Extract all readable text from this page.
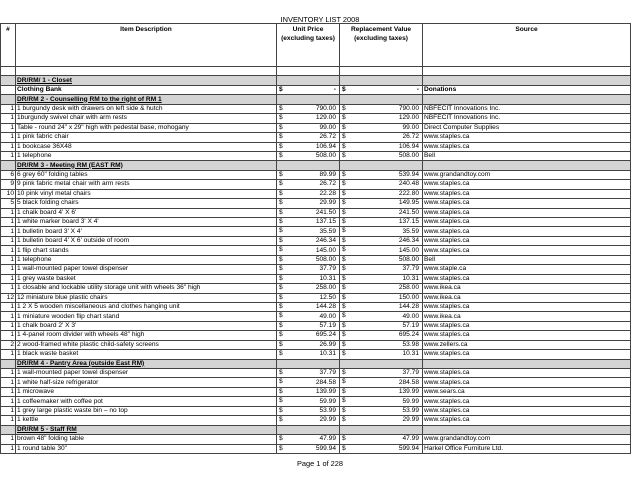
INVENTORY LIST 2008
#	Item Description	Unit Price (excluding taxes)	Replacement Value (excluding taxes)	Source

	DR/RM/ 1 - Closet			
	Clothing Bank	$ -	$ -	Donations
	DR/RM 2 - Counselling RM to the right of RM 1			
1	1 burgundy desk with drawers on left side & hutch	$ 790.00	$ 790.00	NBFECIT Innovations Inc.
1	1burgundy swivel chair with arm rests	$ 129.00	$ 129.00	NBFECIT Innovations Inc.
1	Table - round 24" x 29" high with pedestal base, mohogany	$ 99.00	$ 99.00	Direct Computer Supplies
1	1 pink fabric chair	$ 26.72	$ 26.72	www.staples.ca
1	1 bookcase 36X48	$ 106.94	$ 106.94	www.staples.ca
1	1 telephone	$ 508.00	$ 508.00	Bell
	DR/RM 3 - Meeting RM (EAST RM)			
6	6 grey 60" folding tables	$ 89.99	$ 539.94	www.grandandtoy.com
9	9 pink fabric metal chair with arm rests	$ 26.72	$ 240.48	www.staples.ca
10	10 pink vinyl metal chairs	$ 22.28	$ 222.80	www.staples.ca
5	5 black folding chairs	$ 29.99	$ 149.95	www.staples.ca
1	1 chalk board 4' X 6'	$ 241.50	$ 241.50	www.staples.ca
1	1 white marker board 3' X 4'	$ 137.15	$ 137.15	www.staples.ca
1	1 bulletin board 3' X 4'	$ 35.59	$ 35.59	www.staples.ca
1	1 bulletin board 4' X 6' outside of room	$ 246.34	$ 246.34	www.staples.ca
1	1 flip chart stands	$ 145.00	$ 145.00	www.staples.ca
1	1 telephone	$ 508.00	$ 508.00	Bell
1	1 wall-mounted paper towel dispenser	$ 37.79	$ 37.79	www.staple.ca
1	1 grey waste basket	$ 10.31	$ 10.31	www.staples.ca
1	1 closable and lockable utility storage unit with wheels 36" high	$ 258.00	$ 258.00	www.ikea.ca
12	12 miniature blue plastic chairs	$ 12.50	$ 150.00	www.ikea.ca
1	1 2 X 5 wooden miscellaneous and clothes hanging unit	$ 144.28	$ 144.28	www.staples.ca
1	1 miniature wooden flip chart stand	$ 49.00	$ 49.00	www.ikea.ca
1	1 chalk board 2' X 3'	$ 57.19	$ 57.19	www.staples.ca
1	1 4-panel room divider with wheels 48" high	$ 695.24	$ 695.24	www.staples.ca
2	2 wood-framed white plastic child-safety screens	$ 26.99	$ 53.98	www.zellers.ca
1	1 black waste basket	$ 10.31	$ 10.31	www.staples.ca
	DR/RM 4 - Pantry Area (outside East RM)			
1	1 wall-mounted paper towel dispenser	$ 37.79	$ 37.79	www.staples.ca
1	1 white half-size refrigerator	$ 284.58	$ 284.58	www.staples.ca
1	1 microwave	$ 139.99	$ 139.99	www.sears.ca
1	1 coffeemaker with coffee pot	$ 59.99	$ 59.99	www.staples.ca
1	1 grey large plastic waste bin – no top	$ 53.99	$ 53.99	www.staples.ca
1	1 kettle	$ 29.99	$ 29.99	www.staples.ca
	DR/RM 5 - Staff RM			
1	brown 48" folding table	$ 47.99	$ 47.99	www.grandandtoy.com
1	1 round table 30"	$ 599.94	$ 599.94	Harkel Office Furniture Ltd.
Page 1 of 228
